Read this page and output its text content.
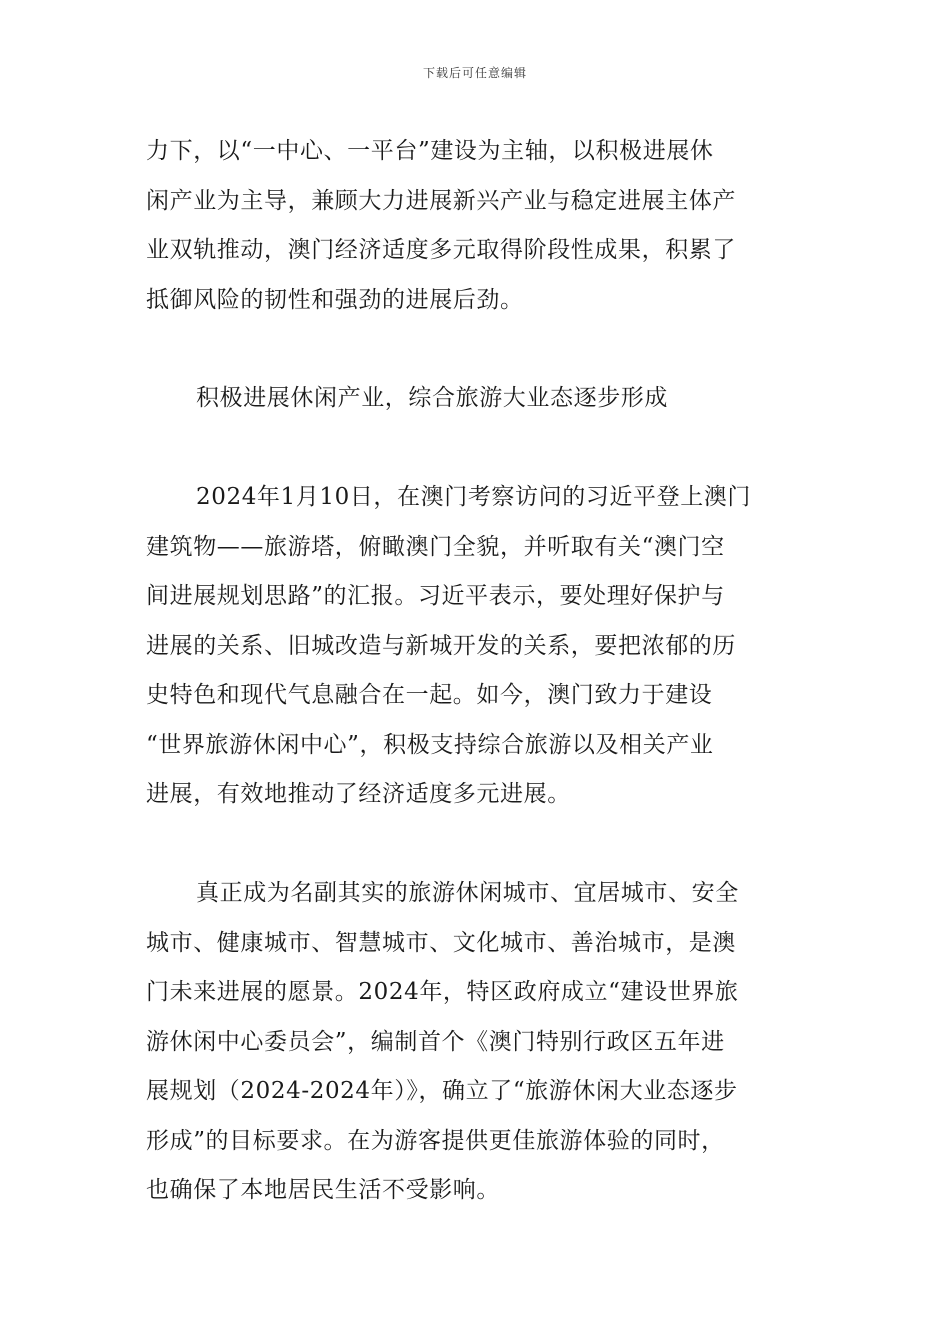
下载后可任意编辑
力下，以“一中心、一平台”建设为主轴，以积极进展休
闲产业为主导，兼顾大力进展新兴产业与稳定进展主体产
业双轨推动，澳门经济适度多元取得阶段性成果，积累了
抵御风险的韧性和强劲的进展后劲。
积极进展休闲产业，综合旅游大业态逐步形成
2024年1月10日，在澳门考察访问的习近平登上澳门
建筑物——旅游塔，俯瞰澳门全貌，并听取有关“澳门空
间进展规划思路”的汇报。习近平表示，要处理好保护与
进展的关系、旧城改造与新城开发的关系，要把浓郁的历
史特色和现代气息融合在一起。如今，澳门致力于建设
“世界旅游休闲中心”，积极支持综合旅游以及相关产业
进展，有效地推动了经济适度多元进展。
真正成为名副其实的旅游休闲城市、宜居城市、安全
城市、健康城市、智慧城市、文化城市、善治城市，是澳
门未来进展的愿景。2024年，特区政府成立“建设世界旅
游休闲中心委员会”，编制首个《澳门特别行政区五年进
展规划（2024-2024年）》，确立了“旅游休闲大业态逐步
形成”的目标要求。在为游客提供更佳旅游体验的同时，
也确保了本地居民生活不受影响。
